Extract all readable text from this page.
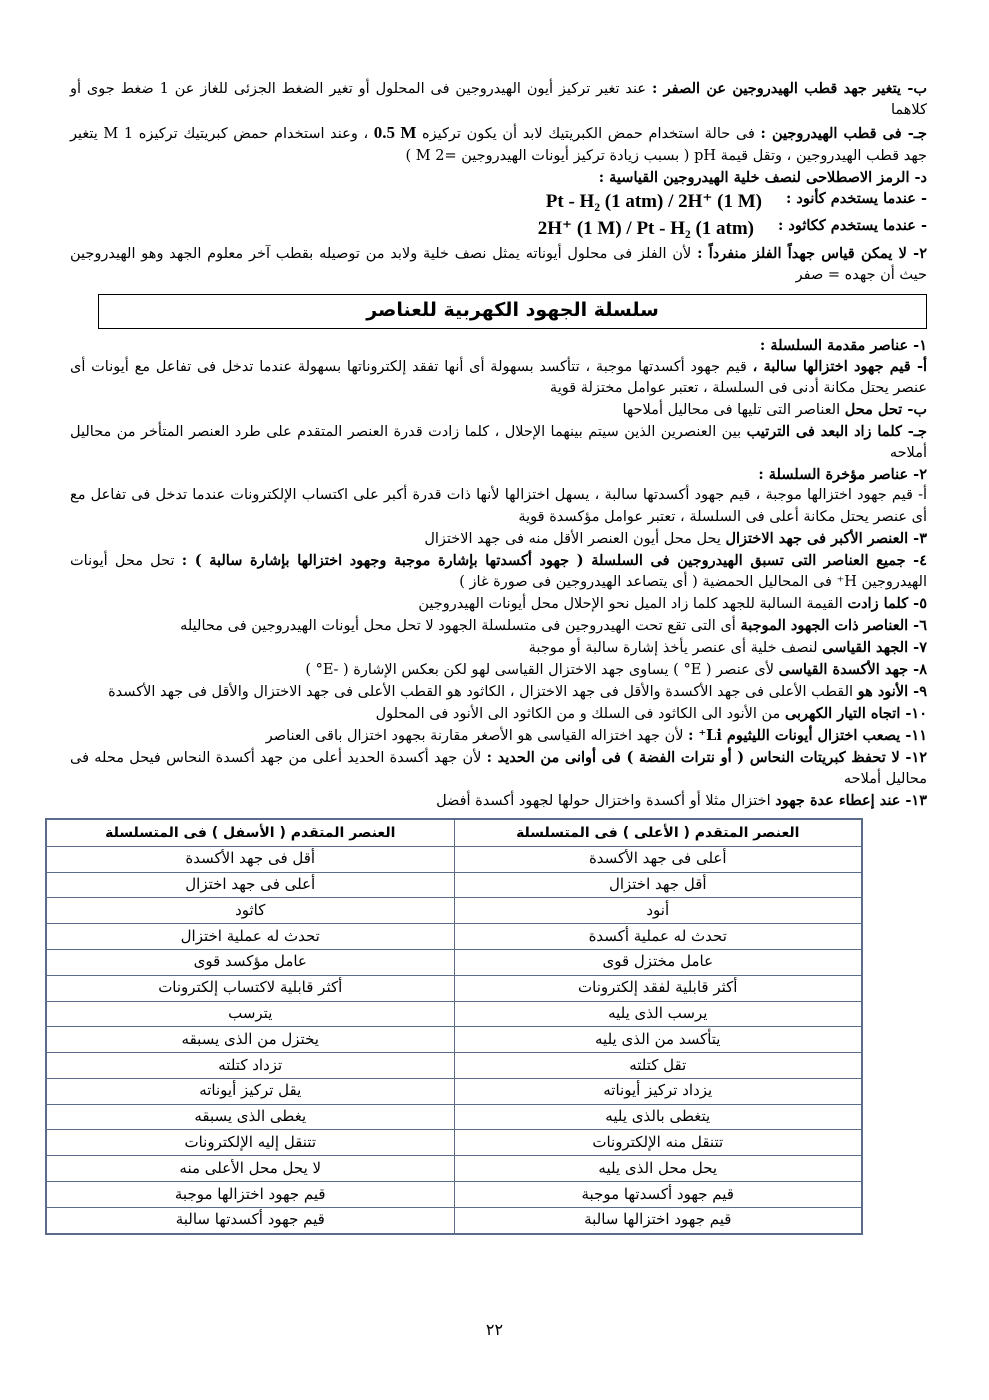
ب- يتغير جهد قطب الهيدروجين عن الصفر : عند تغير تركيز أيون الهيدروجين فى المحلول أو تغير الضغط الجزئى للغاز عن 1 ضغط جوى أو كلاهما

جـ- فى قطب الهيدروجين : فى حالة استخدام حمض الكبريتيك لابد أن يكون تركيزه 0.5 M ، وعند استخدام حمض كبريتيك تركيزه 1 M يتغير جهد قطب الهيدروجين ، وتقل قيمة pH ( بسبب زيادة تركيز أيونات الهيدروجين =M 2 )

د- الرمز الاصطلاحى لنصف خلية الهيدروجين القياسية :

- عندما يستخدم كأنود :
Pt - H₂ (1 atm) / 2H⁺ (1 M)
- عندما يستخدم ككاثود :
2H⁺ (1 M) / Pt - H₂ (1 atm)

٢- لا يمكن قياس جهداً الفلز منفرداً : لأن الفلز فى محلول أيوناته يمثل نصف خلية ولابد من توصيله بقطب آخر معلوم الجهد وهو الهيدروجين حيث أن جهده = صفر

سلسلة الجهود الكهربية للعناصر

١- عناصر مقدمة السلسلة :

أ- قيم جهود اختزالها سالبة ، قيم جهود أكسدتها موجبة ، تتأكسد بسهولة أى أنها تفقد إلكتروناتها بسهولة عندما تدخل فى تفاعل مع أيونات أى عنصر يحتل مكانة أدنى فى السلسلة ، تعتبر عوامل مختزلة قوية

ب- تحل محل العناصر التى تليها فى محاليل أملاحها

جـ- كلما زاد البعد فى الترتيب بين العنصرين الذين سيتم بينهما الإحلال ، كلما زادت قدرة العنصر المتقدم على طرد العنصر المتأخر من محاليل أملاحه

٢- عناصر مؤخرة السلسلة :

أ- قيم جهود اختزالها موجبة ، قيم جهود أكسدتها سالبة ، يسهل اختزالها لأنها ذات قدرة أكبر على اكتساب الإلكترونات عندما تدخل فى تفاعل مع أى عنصر يحتل مكانة أعلى فى السلسلة ، تعتبر عوامل مؤكسدة قوية

٣- العنصر الأكبر فى جهد الاختزال يحل محل أيون العنصر الأقل منه فى جهد الاختزال

٤- جميع العناصر التى تسبق الهيدروجين فى السلسلة ( جهود أكسدتها بإشارة موجبة وجهود اختزالها بإشارة سالبة ) : تحل محل أيونات الهيدروجين H⁺ فى المحاليل الحمضية ( أى يتصاعد الهيدروجين فى صورة غاز )

٥- كلما زادت القيمة السالبة للجهد كلما زاد الميل نحو الإحلال محل أيونات الهيدروجين

٦- العناصر ذات الجهود الموجبة أى التى تقع تحت الهيدروجين فى متسلسلة الجهود لا تحل محل أيونات الهيدروجين فى محاليله

٧- الجهد القياسى لنصف خلية أى عنصر يأخذ إشارة سالبة أو موجبة

٨- جهد الأكسدة القياسى لأى عنصر ( E° ) يساوى جهد الاختزال القياسى لهو لكن بعكس الإشارة ( -E° )

٩- الأنود هو القطب الأعلى فى جهد الأكسدة والأقل فى جهد الاختزال ، الكاثود هو القطب الأعلى فى جهد الاختزال والأقل فى جهد الأكسدة

١٠- اتجاه التيار الكهربى من الأنود الى الكاثود فى السلك و من الكاثود الى الأنود فى المحلول

١١- يصعب اختزال أيونات الليثيوم Li⁺ : لأن جهد اختزاله القياسى هو الأصغر مقارنة بجهود اختزال باقى العناصر

١٢- لا تحفظ كبريتات النحاس ( أو نترات الفضة ) فى أوانى من الحديد : لأن جهد أكسدة الحديد أعلى من جهد أكسدة النحاس فيحل محله فى محاليل أملاحه

١٣- عند إعطاء عدة جهود اختزال مثلا أو أكسدة واختزال حولها لجهود أكسدة أفضل

العنصر المتقدم ( الأعلى ) فى المتسلسلة	العنصر المتقدم ( الأسفل ) فى المتسلسلة
أعلى فى جهد الأكسدة	أقل فى جهد الأكسدة
أقل جهد اختزال	أعلى فى جهد اختزال
أنود	كاثود
تحدث له عملية أكسدة	تحدث له عملية اختزال
عامل مختزل قوى	عامل مؤكسد قوى
أكثر قابلية لفقد إلكترونات	أكثر قابلية لاكتساب إلكترونات
يرسب الذى يليه	يترسب
يتأكسد من الذى يليه	يختزل من الذى يسبقه
تقل كتلته	تزداد كتلته
يزداد تركيز أيوناته	يقل تركيز أيوناته
يتغطى بالذى يليه	يغطى الذى يسبقه
تتنقل منه الإلكترونات	تتنقل إليه الإلكترونات
يحل محل الذى يليه	لا يحل محل الأعلى منه
قيم جهود أكسدتها موجبة	قيم جهود اختزالها موجبة
قيم جهود اختزالها سالبة	قيم جهود أكسدتها سالبة
٢٢
